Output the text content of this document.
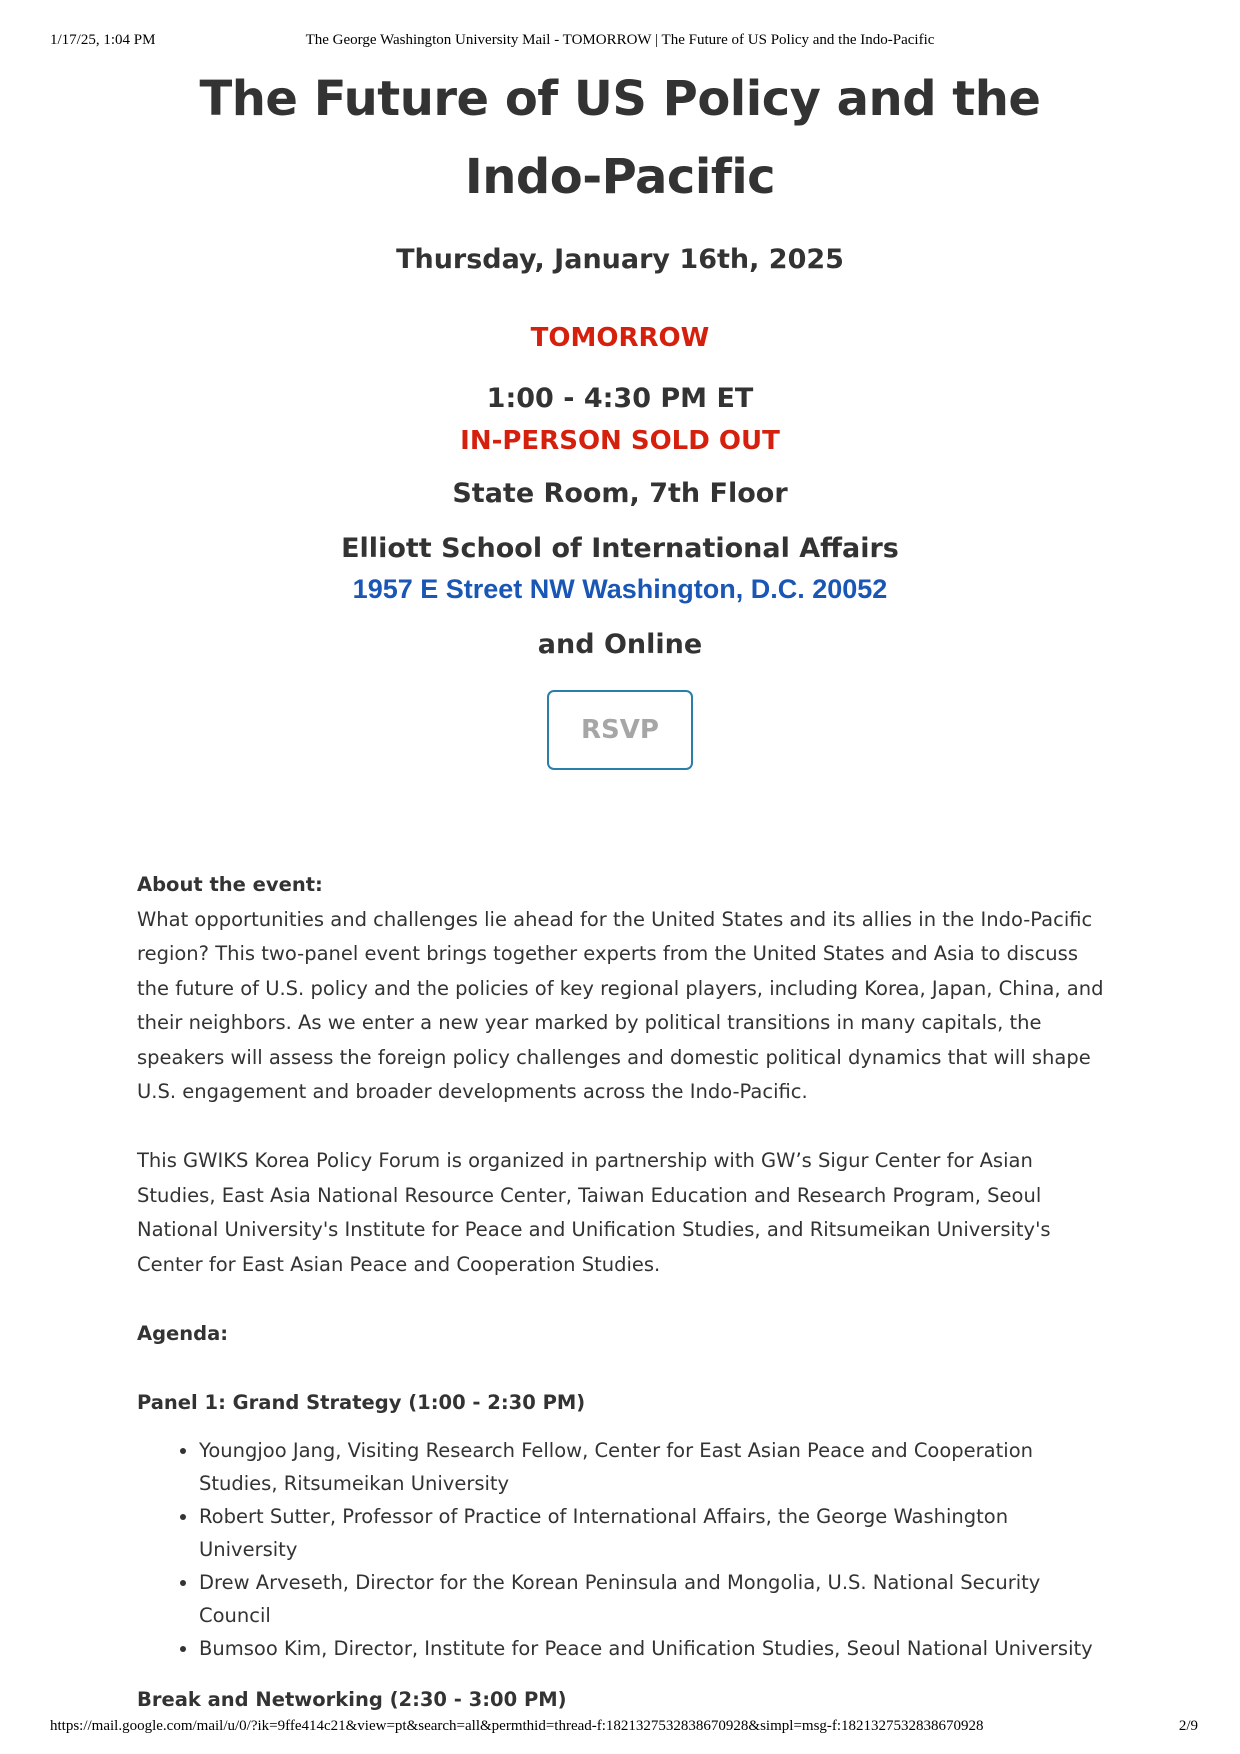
1/17/25, 1:04 PM	The George Washington University Mail - TOMORROW | The Future of US Policy and the Indo-Pacific
The Future of US Policy and the Indo-Pacific
Thursday, January 16th, 2025
TOMORROW
1:00 - 4:30 PM ET
IN-PERSON SOLD OUT
State Room, 7th Floor
Elliott School of International Affairs
1957 E Street NW Washington, D.C. 20052
and Online
RSVP

About the event:

What opportunities and challenges lie ahead for the United States and its allies in the Indo-Pacific region? This two-panel event brings together experts from the United States and Asia to discuss the future of U.S. policy and the policies of key regional players, including Korea, Japan, China, and their neighbors. As we enter a new year marked by political transitions in many capitals, the speakers will assess the foreign policy challenges and domestic political dynamics that will shape U.S. engagement and broader developments across the Indo-Pacific.

This GWIKS Korea Policy Forum is organized in partnership with GW’s Sigur Center for Asian Studies, East Asia National Resource Center, Taiwan Education and Research Program, Seoul National University's Institute for Peace and Unification Studies, and Ritsumeikan University's Center for East Asian Peace and Cooperation Studies.

Agenda:

Panel 1: Grand Strategy (1:00 - 2:30 PM)

• Youngjoo Jang, Visiting Research Fellow, Center for East Asian Peace and Cooperation Studies, Ritsumeikan University
• Robert Sutter, Professor of Practice of International Affairs, the George Washington University
• Drew Arveseth, Director for the Korean Peninsula and Mongolia, U.S. National Security Council
• Bumsoo Kim, Director, Institute for Peace and Unification Studies, Seoul National University

Break and Networking (2:30 - 3:00 PM)

https://mail.google.com/mail/u/0/?ik=9ffe414c21&view=pt&search=all&permthid=thread-f:1821327532838670928&simpl=msg-f:1821327532838670928	2/9
